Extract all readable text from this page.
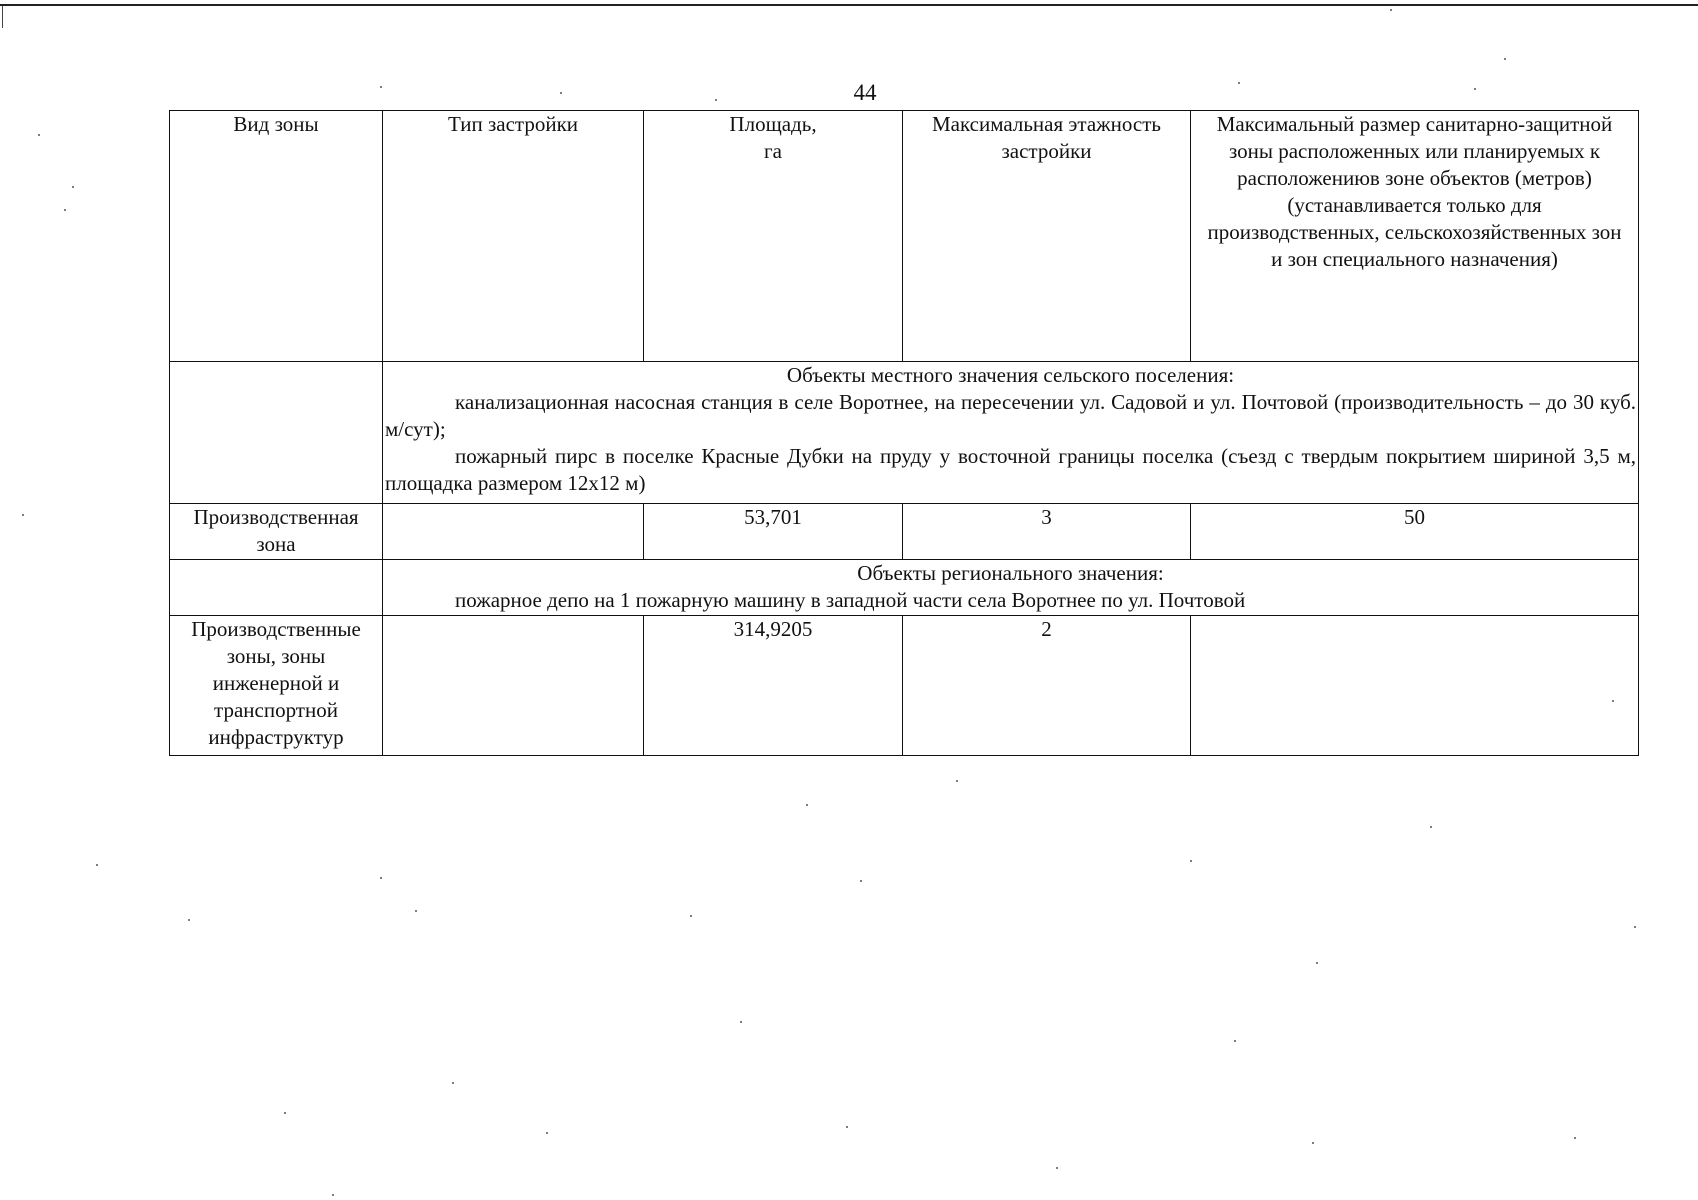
44
Вид зоны	Тип застройки	Площадь, га	Максимальная этажность застройки	Максимальный размер санитарно-защитной зоны расположенных или планируемых к расположениюв зоне объектов (метров) (устанавливается только для производственных, сельскохозяйственных зон и зон специального назначения)

	Объекты местного значения сельского поселения:
канализационная насосная станция в селе Воротнее, на пересечении ул. Садовой и ул. Почтовой (производительность – до 30 куб. м/сут);
пожарный пирс в поселке Красные Дубки на пруду у восточной границы поселка (съезд с твердым покрытием шириной 3,5 м, площадка размером 12х12 м)			

Производственная зона		53,701	3	50

	Объекты регионального значения:
пожарное депо на 1 пожарную машину в западной части села Воротнее по ул. Почтовой			

Производственные зоны, зоны инженерной и транспортной инфраструктур		314,9205	2	
